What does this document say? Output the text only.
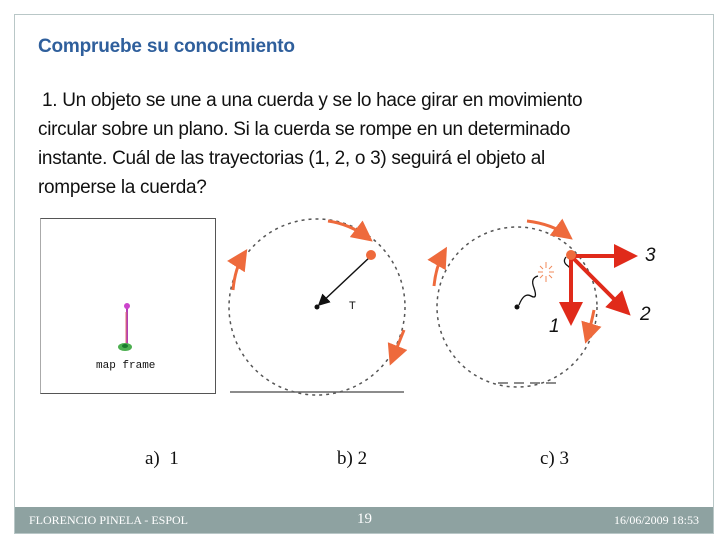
Compruebe su conocimiento
1. Un objeto se une a una cuerda y se lo hace girar en movimiento
circular sobre un plano. Si la cuerda se rompe en un determinado
instante. Cuál de las trayectorias (1, 2, o 3) seguirá el objeto al
romperse la cuerda?
map frame
T
1
2
3
a)  1	b) 2	c) 3
FLORENCIO PINELA - ESPOL	19	16/06/2009 18:53
